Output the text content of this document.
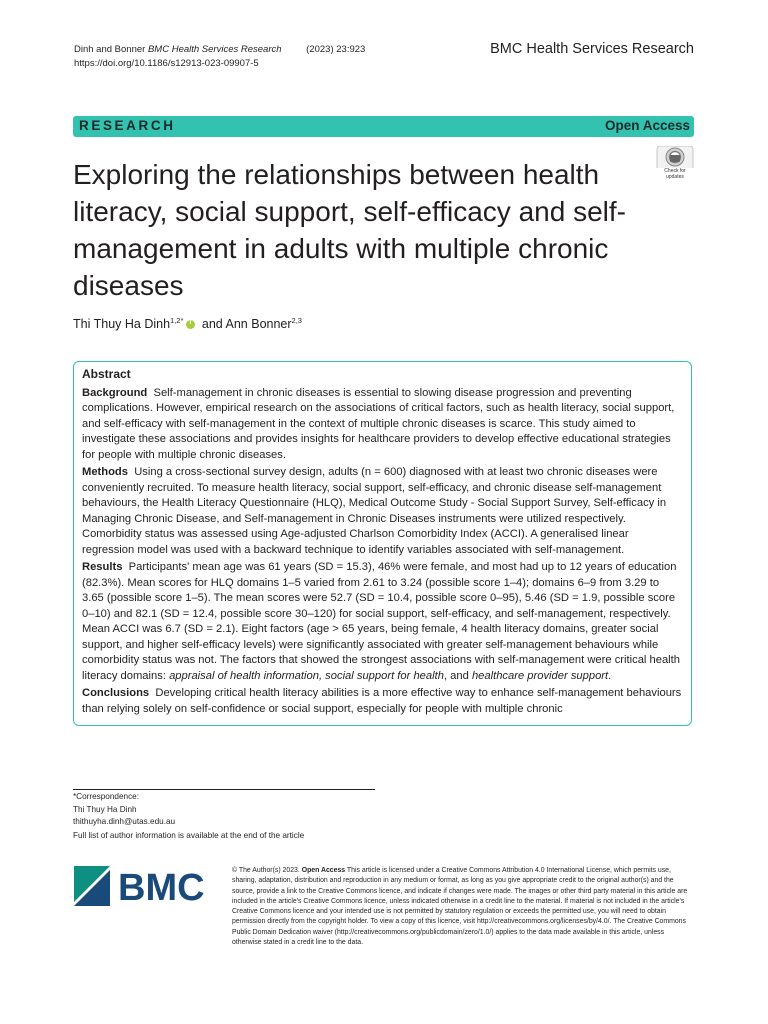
Dinh and Bonner BMC Health Services Research	(2023) 23:923
https://doi.org/10.1186/s12913-023-09907-5
BMC Health Services Research
RESEARCH	Open Access
Exploring the relationships between health literacy, social support, self-efficacy and self-management in adults with multiple chronic diseases
Check for
updates
Thi Thuy Ha Dinh$^{1,2*}$i and Ann Bonner$^{2,3}$
Abstract

Background Self-management in chronic diseases is essential to slowing disease progression and preventing complications. However, empirical research on the associations of critical factors, such as health literacy, social support, and self-efficacy with self-management in the context of multiple chronic diseases is scarce. This study aimed to investigate these associations and provides insights for healthcare providers to develop effective educational strategies for people with multiple chronic diseases.

Methods Using a cross-sectional survey design, adults (n = 600) diagnosed with at least two chronic diseases were conveniently recruited. To measure health literacy, social support, self-efficacy, and chronic disease self-management behaviours, the Health Literacy Questionnaire (HLQ), Medical Outcome Study - Social Support Survey, Self-efficacy in Managing Chronic Disease, and Self-management in Chronic Diseases instruments were utilized respectively. Comorbidity status was assessed using Age-adjusted Charlson Comorbidity Index (ACCI). A generalised linear regression model was used with a backward technique to identify variables associated with self-management.

Results Participants' mean age was 61 years (SD = 15.3), 46% were female, and most had up to 12 years of education (82.3%). Mean scores for HLQ domains 1–5 varied from 2.61 to 3.24 (possible score 1–4); domains 6–9 from 3.29 to 3.65 (possible score 1–5). The mean scores were 52.7 (SD = 10.4, possible score 0–95), 5.46 (SD = 1.9, possible score 0–10) and 82.1 (SD = 12.4, possible score 30–120) for social support, self-efficacy, and self-management, respectively. Mean ACCI was 6.7 (SD = 2.1). Eight factors (age > 65 years, being female, 4 health literacy domains, greater social support, and higher self-efficacy levels) were significantly associated with greater self-management behaviours while comorbidity status was not. The factors that showed the strongest associations with self-management were critical health literacy domains: appraisal of health information, social support for health, and healthcare provider support.

Conclusions Developing critical health literacy abilities is a more effective way to enhance self-management behaviours than relying solely on self-confidence or social support, especially for people with multiple chronic

*Correspondence:
Thi Thuy Ha Dinh
thithuyha.dinh@utas.edu.au
Full list of author information is available at the end of the article
BMC	© The Author(s) 2023. Open Access This article is licensed under a Creative Commons Attribution 4.0 International License, which permits use, sharing, adaptation, distribution and reproduction in any medium or format, as long as you give appropriate credit to the original author(s) and the source, provide a link to the Creative Commons licence, and indicate if changes were made. The images or other third party material in this article are included in the article's Creative Commons licence, unless indicated otherwise in a credit line to the material. If material is not included in the article's Creative Commons licence and your intended use is not permitted by statutory regulation or exceeds the permitted use, you will need to obtain permission directly from the copyright holder. To view a copy of this licence, visit http://creativecommons.org/licenses/by/4.0/. The Creative Commons Public Domain Dedication waiver (http://creativecommons.org/publicdomain/zero/1.0/) applies to the data made available in this article, unless otherwise stated in a credit line to the data.
